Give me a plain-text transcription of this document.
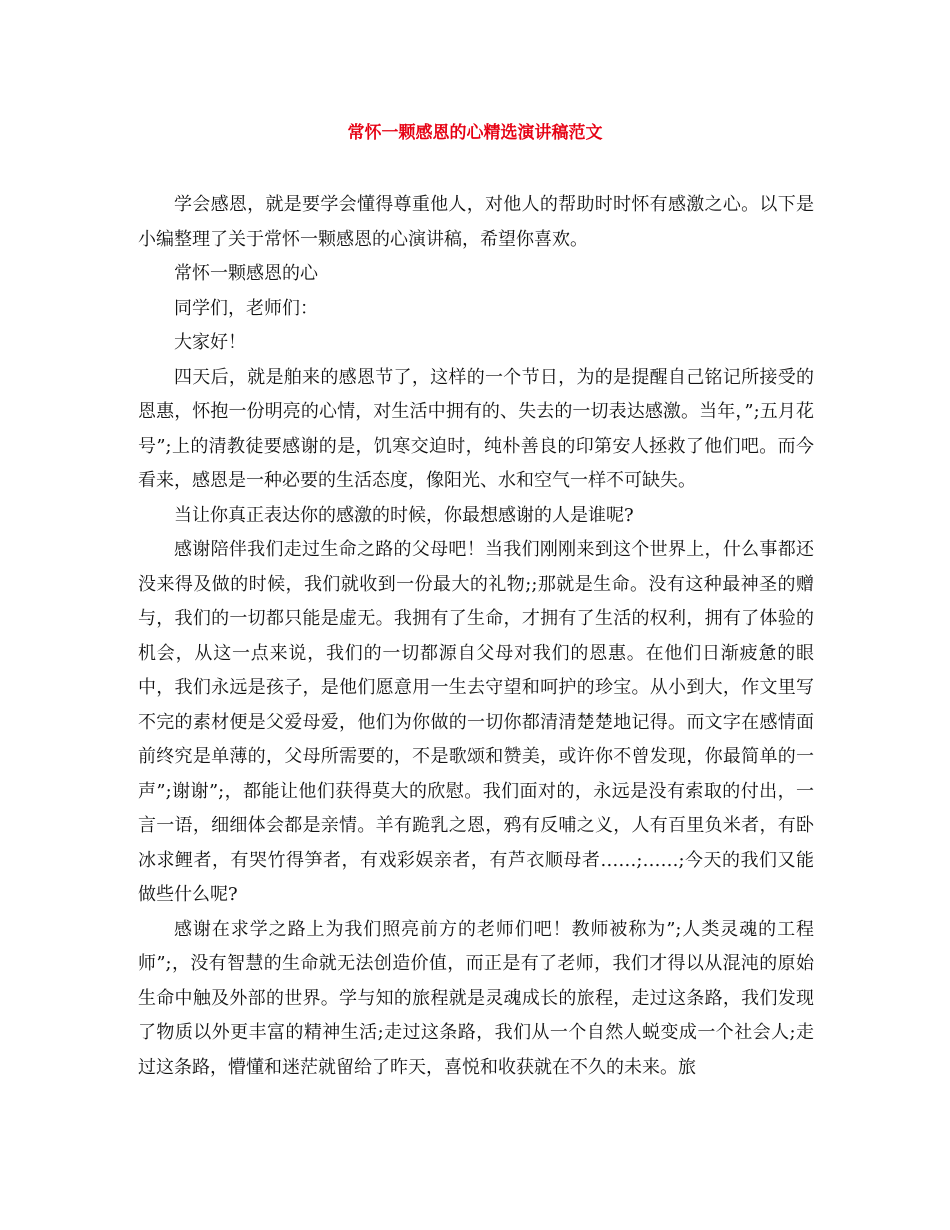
常怀一颗感恩的心精选演讲稿范文

学会感恩，就是要学会懂得尊重他人，对他人的帮助时时怀有感激之心。以下是小编整理了关于常怀一颗感恩的心演讲稿，希望你喜欢。

常怀一颗感恩的心

同学们，老师们：

大家好！

四天后，就是舶来的感恩节了，这样的一个节日，为的是提醒自己铭记所接受的恩惠，怀抱一份明亮的心情，对生活中拥有的、失去的一切表达感激。当年，”;五月花号”;上的清教徒要感谢的是，饥寒交迫时，纯朴善良的印第安人拯救了他们吧。而今看来，感恩是一种必要的生活态度，像阳光、水和空气一样不可缺失。

当让你真正表达你的感激的时候，你最想感谢的人是谁呢?

感谢陪伴我们走过生命之路的父母吧！当我们刚刚来到这个世界上，什么事都还没来得及做的时候，我们就收到一份最大的礼物;;那就是生命。没有这种最神圣的赠与，我们的一切都只能是虚无。我拥有了生命，才拥有了生活的权利，拥有了体验的机会，从这一点来说，我们的一切都源自父母对我们的恩惠。在他们日渐疲惫的眼中，我们永远是孩子，是他们愿意用一生去守望和呵护的珍宝。从小到大，作文里写不完的素材便是父爱母爱，他们为你做的一切你都清清楚楚地记得。而文字在感情面前终究是单薄的，父母所需要的，不是歌颂和赞美，或许你不曾发现，你最简单的一声”;谢谢”;，都能让他们获得莫大的欣慰。我们面对的，永远是没有索取的付出，一言一语，细细体会都是亲情。羊有跪乳之恩，鸦有反哺之义，人有百里负米者，有卧冰求鲤者，有哭竹得笋者，有戏彩娱亲者，有芦衣顺母者……;……;今天的我们又能做些什么呢?

感谢在求学之路上为我们照亮前方的老师们吧！教师被称为”;人类灵魂的工程师”;，没有智慧的生命就无法创造价值，而正是有了老师，我们才得以从混沌的原始生命中触及外部的世界。学与知的旅程就是灵魂成长的旅程，走过这条路，我们发现了物质以外更丰富的精神生活;走过这条路，我们从一个自然人蜕变成一个社会人;走过这条路，懵懂和迷茫就留给了昨天，喜悦和收获就在不久的未来。旅
